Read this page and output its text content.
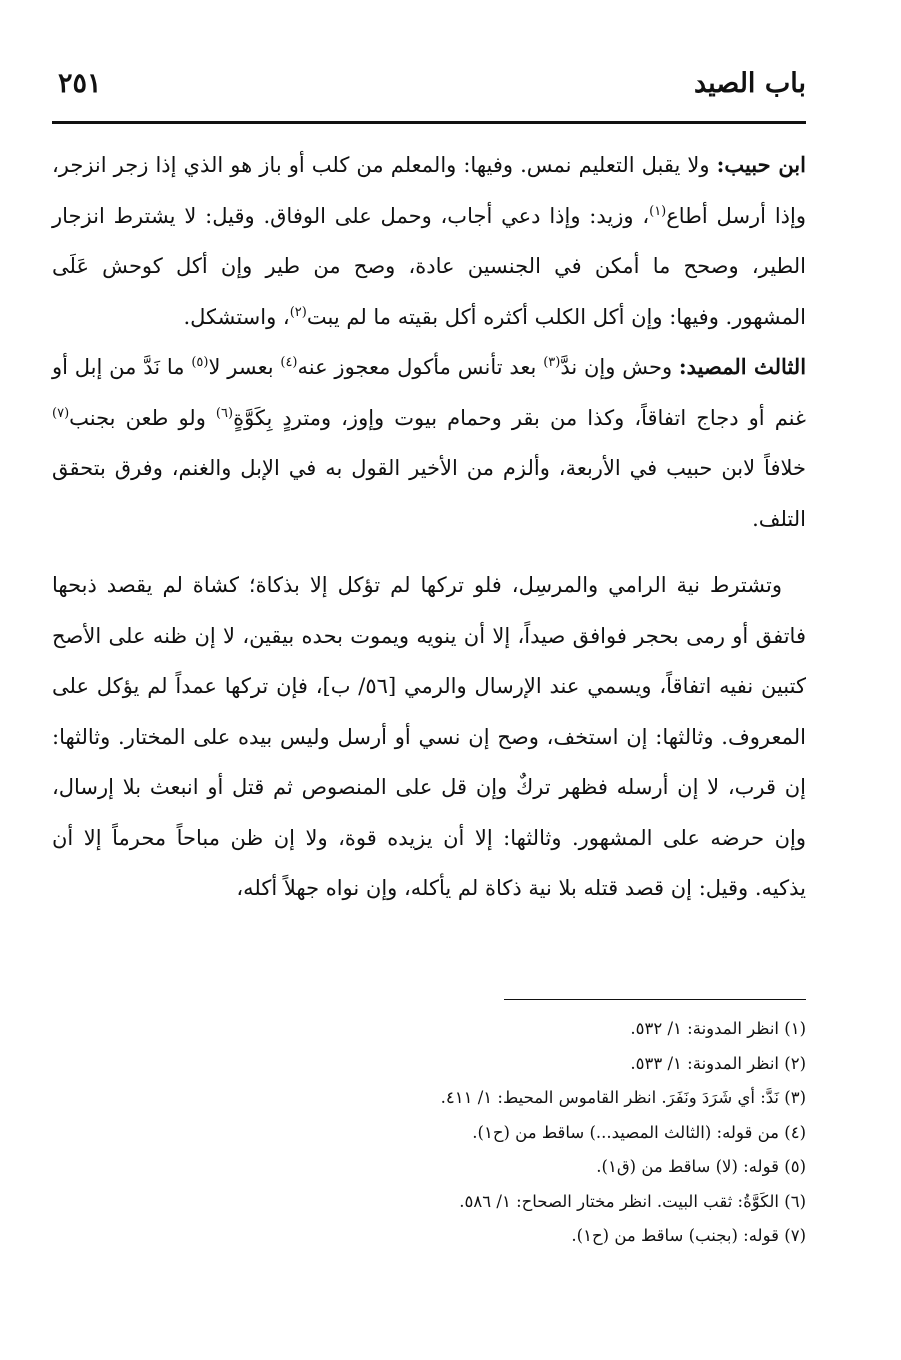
باب الصيد
٢٥١

ابن حبيب: ولا يقبل التعليم نمس. وفيها: والمعلم من كلب أو باز هو الذي إذا زجر انزجر، وإذا أرسل أطاع$^{(١)}$، وزيد: وإذا دعي أجاب، وحمل على الوفاق. وقيل: لا يشترط انزجار الطير، وصحح ما أمكن في الجنسين عادة، وصح من طير وإن أكل كوحش عَلَى المشهور. وفيها: وإن أكل الكلب أكثره أكل بقيته ما لم يبت$^{(٢)}$، واستشكل.

الثالث المصيد: وحش وإن ندَّ$^{(٣)}$ بعد تأنس مأكول معجوز عنه$^{(٤)}$ بعسر لا$^{(٥)}$ ما نَدَّ من إبل أو غنم أو دجاج اتفاقاً، وكذا من بقر وحمام بيوت وإوز، ومتردٍ بِكَوَّةٍ$^{(٦)}$ ولو طعن بجنب$^{(٧)}$ خلافاً لابن حبيب في الأربعة، وألزم من الأخير القول به في الإبل والغنم، وفرق بتحقق التلف.

وتشترط نية الرامي والمرسِل، فلو تركها لم تؤكل إلا بذكاة؛ كشاة لم يقصد ذبحها فاتفق أو رمى بحجر فوافق صيداً، إلا أن ينويه ويموت بحده بيقين، لا إن ظنه على الأصح كتبين نفيه اتفاقاً، ويسمي عند الإرسال والرمي [٥٦/ ب]، فإن تركها عمداً لم يؤكل على المعروف. وثالثها: إن استخف، وصح إن نسي أو أرسل وليس بيده على المختار. وثالثها: إن قرب، لا إن أرسله فظهر تركٌ وإن قل على المنصوص ثم قتل أو انبعث بلا إرسال، وإن حرضه على المشهور. وثالثها: إلا أن يزيده قوة، ولا إن ظن مباحاً محرماً إلا أن يذكيه. وقيل: إن قصد قتله بلا نية ذكاة لم يأكله، وإن نواه جهلاً أكله،

(١) انظر المدونة: ١/ ٥٣٢.
(٢) انظر المدونة: ١/ ٥٣٣.
(٣) نَدَّ: أي شَرَدَ ونَفَرَ. انظر القاموس المحيط: ١/ ٤١١.
(٤) من قوله: (الثالث المصيد...) ساقط من (ح١).
(٥) قوله: (لا) ساقط من (ق١).
(٦) الكَوَّةُ: ثقب البيت. انظر مختار الصحاح: ١/ ٥٨٦.
(٧) قوله: (بجنب) ساقط من (ح١).
